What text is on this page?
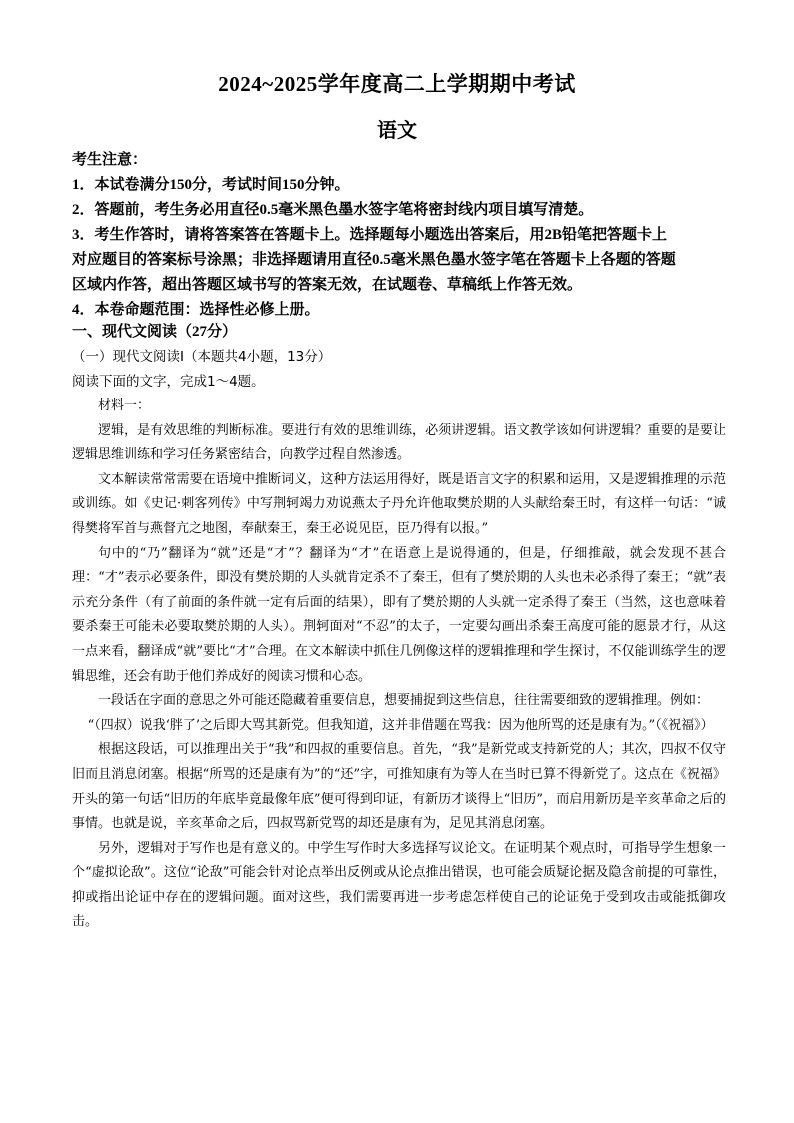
2024~2025学年度高二上学期期中考试
语文
考生注意：
1．本试卷满分150分，考试时间150分钟。
2．答题前，考生务必用直径0.5毫米黑色墨水签字笔将密封线内项目填写清楚。
3．考生作答时，请将答案答在答题卡上。选择题每小题选出答案后，用2B铅笔把答题卡上
对应题目的答案标号涂黑；非选择题请用直径0.5毫米黑色墨水签字笔在答题卡上各题的答题
区域内作答，超出答题区域书写的答案无效，在试题卷、草稿纸上作答无效。
4．本卷命题范围：选择性必修上册。
一、现代文阅读（27分）
（一）现代文阅读Ⅰ（本题共4小题，13分）
阅读下面的文字，完成1～4题。

材料一：

逻辑，是有效思维的判断标准。要进行有效的思维训练，必须讲逻辑。语文教学该如何讲逻辑？重要的是要让逻辑思维训练和学习任务紧密结合，向教学过程自然渗透。

文本解读常常需要在语境中推断词义，这种方法运用得好，既是语言文字的积累和运用，又是逻辑推理的示范或训练。如《史记·刺客列传》中写荆轲竭力劝说燕太子丹允许他取樊於期的人头献给秦王时，有这样一句话：“诚得樊将军首与燕督亢之地图，奉献秦王，秦王必说见臣，臣乃得有以报。”

句中的“乃”翻译为“就”还是“才”？翻译为“才”在语意上是说得通的，但是，仔细推敲，就会发现不甚合理：“才”表示必要条件，即没有樊於期的人头就肯定杀不了秦王，但有了樊於期的人头也未必杀得了秦王；“就”表示充分条件（有了前面的条件就一定有后面的结果），即有了樊於期的人头就一定杀得了秦王（当然，这也意味着要杀秦王可能未必要取樊於期的人头）。荆轲面对“不忍”的太子，一定要勾画出杀秦王高度可能的愿景才行，从这一点来看，翻译成“就”要比“才”合理。在文本解读中抓住几例像这样的逻辑推理和学生探讨，不仅能训练学生的逻辑思维，还会有助于他们养成好的阅读习惯和心态。

一段话在字面的意思之外可能还隐藏着重要信息，想要捕捉到这些信息，往往需要细致的逻辑推理。例如：

“（四叔）说我‘胖了’之后即大骂其新党。但我知道，这并非借题在骂我：因为他所骂的还是康有为。”（《祝福》）

根据这段话，可以推理出关于“我”和四叔的重要信息。首先，“我”是新党或支持新党的人；其次，四叔不仅守旧而且消息闭塞。根据“所骂的还是康有为”的“还”字，可推知康有为等人在当时已算不得新党了。这点在《祝福》开头的第一句话“旧历的年底毕竟最像年底”便可得到印证，有新历才谈得上“旧历”，而启用新历是辛亥革命之后的事情。也就是说，辛亥革命之后，四叔骂新党骂的却还是康有为，足见其消息闭塞。

另外，逻辑对于写作也是有意义的。中学生写作时大多选择写议论文。在证明某个观点时，可指导学生想象一个“虚拟论敌”。这位“论敌”可能会针对论点举出反例或从论点推出错误，也可能会质疑论据及隐含前提的可靠性，抑或指出论证中存在的逻辑问题。面对这些，我们需要再进一步考虑怎样使自己的论证免于受到攻击或能抵御攻击。
